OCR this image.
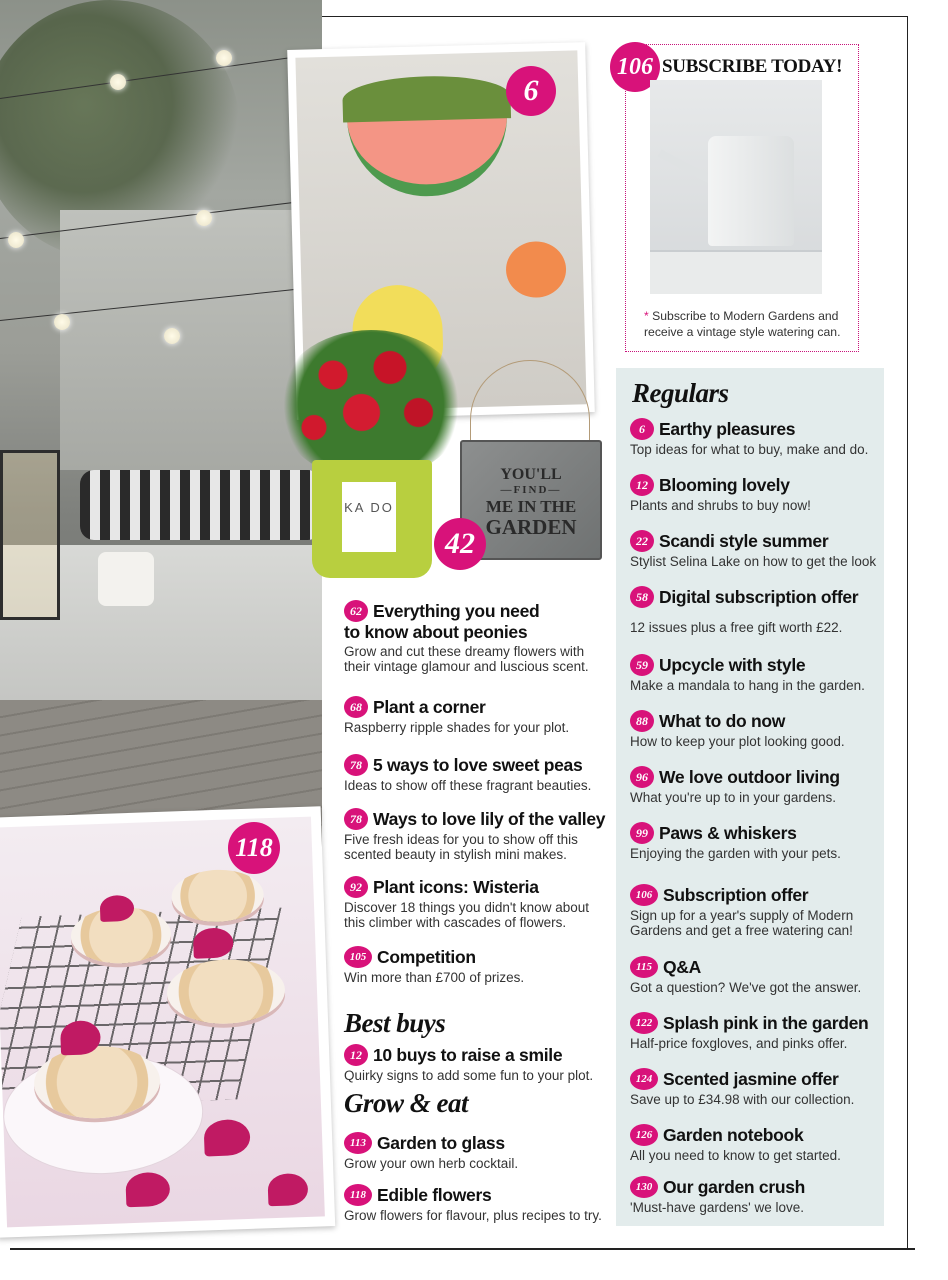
6
YOU'LL
—FIND—
ME IN THE
GARDEN
KA DO
42
106 SUBSCRIBE TODAY!
* Subscribe to Modern Gardens and receive a vintage style watering can.
118
62 Everything you need
to know about peonies
Grow and cut these dreamy flowers with their vintage glamour and luscious scent.
68 Plant a corner
Raspberry ripple shades for your plot.
78 5 ways to love sweet peas
Ideas to show off these fragrant beauties.
78 Ways to love lily of the valley
Five fresh ideas for you to show off this scented beauty in stylish mini makes.
92 Plant icons: Wisteria
Discover 18 things you didn't know about this climber with cascades of flowers.
105 Competition
Win more than £700 of prizes.
Best buys
12 10 buys to raise a smile
Quirky signs to add some fun to your plot.
Grow & eat
113 Garden to glass
Grow your own herb cocktail.
118 Edible flowers
Grow flowers for flavour, plus recipes to try.
Regulars
6 Earthy pleasures
Top ideas for what to buy, make and do.
12 Blooming lovely
Plants and shrubs to buy now!
22 Scandi style summer
Stylist Selina Lake on how to get the look
58 Digital subscription offer
12 issues plus a free gift worth £22.
59 Upcycle with style
Make a mandala to hang in the garden.
88 What to do now
How to keep your plot looking good.
96 We love outdoor living
What you're up to in your gardens.
99 Paws & whiskers
Enjoying the garden with your pets.
106 Subscription offer
Sign up for a year's supply of Modern Gardens and get a free watering can!
115 Q&A
Got a question? We've got the answer.
122 Splash pink in the garden
Half-price foxgloves, and pinks offer.
124 Scented jasmine offer
Save up to £34.98 with our collection.
126 Garden notebook
All you need to know to get started.
130 Our garden crush
'Must-have gardens' we love.
